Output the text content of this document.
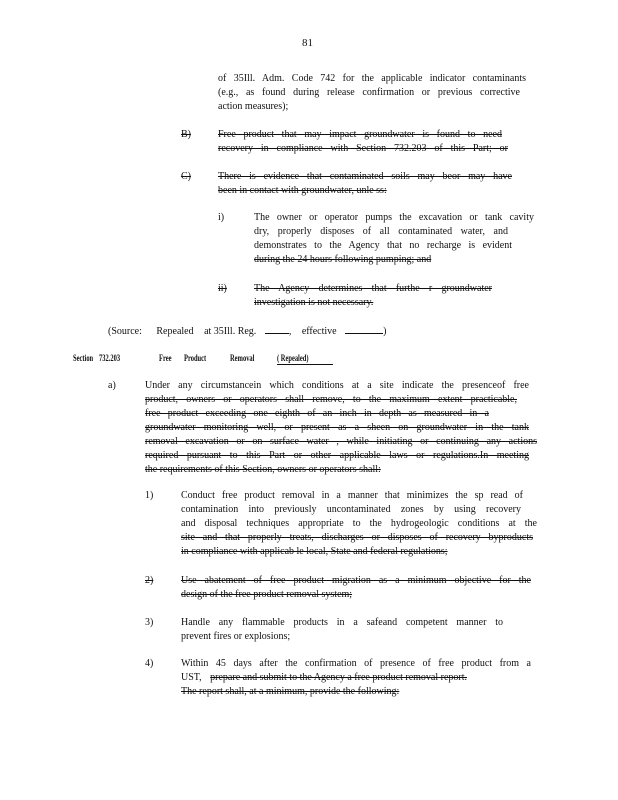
81
of 35Ill. Adm. Code 742 for the applicable indicator contaminants
(e.g., as found during release confirmation or previous corrective
action measures);
B)	Free product that may impact groundwater is found to need
recovery in compliance with Section 732.203 of this Part; or
C)	There is evidence that contaminated soils may beor may have
been in contact with groundwater, unle ss:
i)	The owner or operator pumps the excavation or tank cavity
dry, properly disposes of all contaminated water, and
demonstrates to the Agency that no recharge is evident
during the 24 hours following pumping; and
ii)	The Agency determines that furthe r groundwater
investigation is not necessary.
(Source: Repealed at 35Ill. Reg.	, effective	)
Section 732.203	Free Product	Removal	( Repealed)
a)	Under any circumstancein which conditions at a site indicate the presenceof free
product, owners or operators shall remove, to the maximum extent practicable,
free product exceeding one eighth of an inch in depth as measured in a
groundwater monitoring well, or present as a sheen on groundwater in the tank
removal excavation or on surface water , while initiating or continuing any actions
required pursuant to this Part or other applicable laws or regulations.In meeting
the requirements of this Section, owners or operators shall:
1)	Conduct free product removal in a manner that minimizes the sp read of
contamination into previously uncontaminated zones by using recovery
and disposal techniques appropriate to the hydrogeologic conditions at the
site and that properly treats, discharges or disposes of recovery byproducts
in compliance with applicab le local, State and federal regulations;
2)	Use abatement of free product migration as a minimum objective for the
design of the free product removal system;
3)	Handle any flammable products in a safeand competent manner to
prevent fires or explosions;
4)	Within 45 days after the confirmation of presence of free product from a
UST, prepare and submit to the Agency a free product removal report.
The report shall, at a minimum, provide the following:
